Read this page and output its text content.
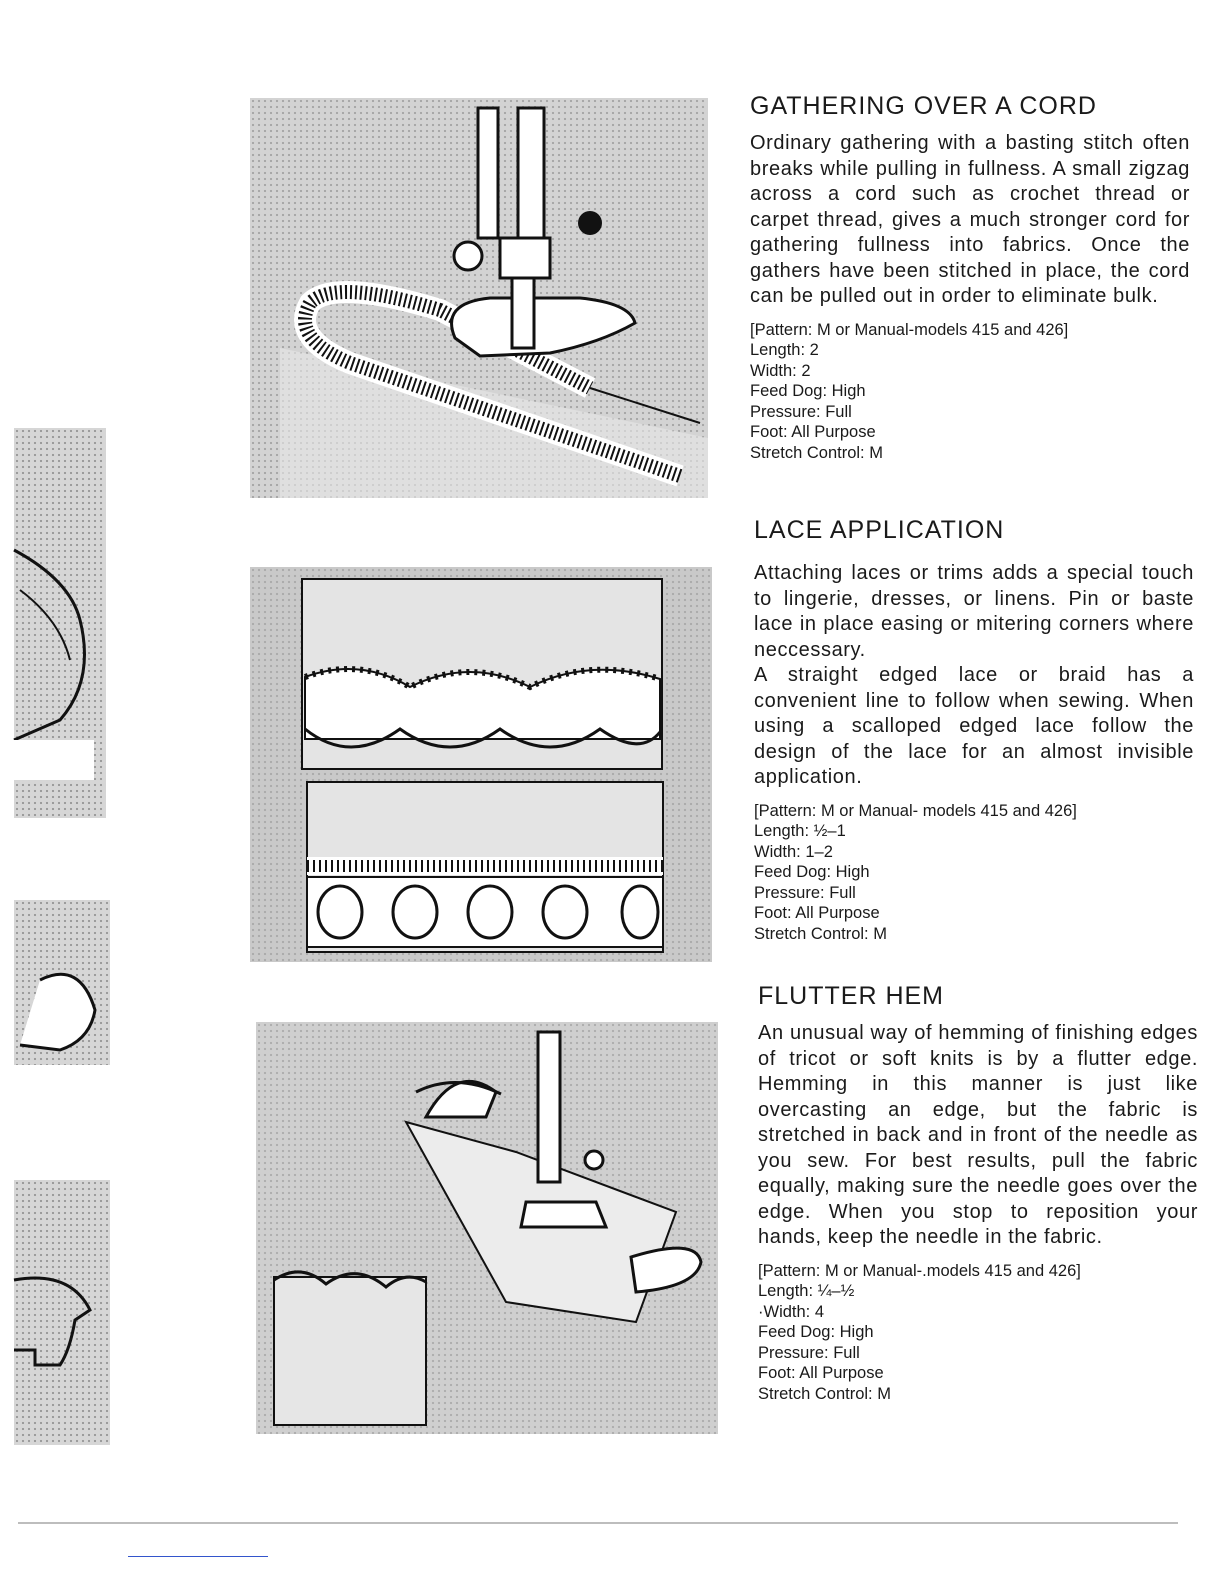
GATHERING OVER A CORD

Ordinary gathering with a basting stitch often breaks while pulling in fullness. A small zigzag across a cord such as crochet thread or carpet thread, gives a much stronger cord for gathering fullness into fabrics. Once the gathers have been stitched in place, the cord can be pulled out in order to eliminate bulk.

[Pattern: M or Manual-models 415 and 426]
Length: 2
Width: 2
Feed Dog: High
Pressure: Full
Foot: All Purpose
Stretch Control: M
LACE APPLICATION

Attaching laces or trims adds a special touch to lingerie, dresses, or linens. Pin or baste lace in place easing or mitering corners where neccessary.

A straight edged lace or braid has a convenient line to follow when sewing. When using a scalloped edged lace follow the design of the lace for an almost invisible application.

[Pattern: M or Manual- models 415 and 426]
Length: ½–1
Width: 1–2
Feed Dog: High
Pressure: Full
Foot: All Purpose
Stretch Control: M
FLUTTER HEM

An unusual way of hemming of finishing edges of tricot or soft knits is by a flutter edge. Hemming in this manner is just like overcasting an edge, but the fabric is stretched in back and in front of the needle as you sew. For best results, pull the fabric equally, making sure the needle goes over the edge. When you stop to reposition your hands, keep the needle in the fabric.

[Pattern: M or Manual-.models 415 and 426]
Length: ¼–½
·Width: 4
Feed Dog: High
Pressure: Full
Foot: All Purpose
Stretch Control: M
